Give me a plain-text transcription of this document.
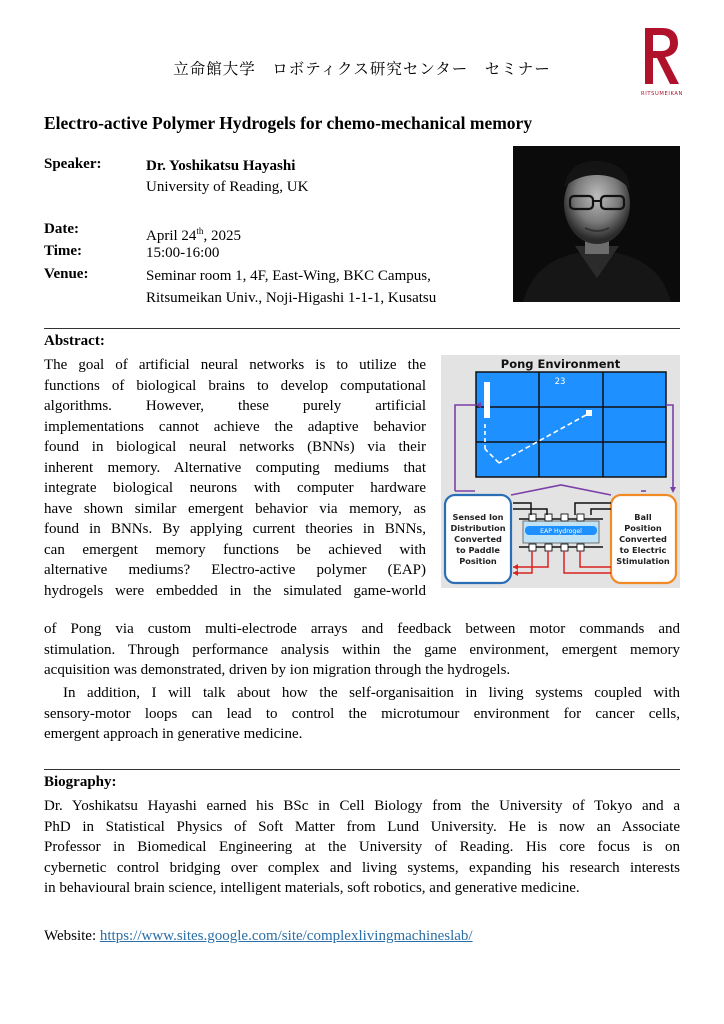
立命館大学　ロボティクス研究センター　セミナー
RITSUMEIKAN
Electro-active Polymer Hydrogels for chemo-mechanical memory
Speaker:	Dr. Yoshikatsu Hayashi
University of Reading, UK
Date:	April 24th, 2025
Time:	15:00-16:00
Venue:	Seminar room 1, 4F, East-Wing, BKC Campus,
Ritsumeikan Univ., Noji-Higashi 1-1-1, Kusatsu
Abstract:
The goal of artificial neural networks is to utilize the
functions of biological brains to develop computational
algorithms. However, these purely artificial
implementations cannot achieve the adaptive behavior
found in biological neural networks (BNNs) via their
inherent memory. Alternative computing mediums that
integrate biological neurons with computer hardware
have shown similar emergent behavior via memory, as
found in BNNs. By applying current theories in BNNs,
can emergent memory functions be achieved with
alternative mediums? Electro-active polymer (EAP)
hydrogels were embedded in the simulated game-world
of Pong via custom multi-electrode arrays and feedback between motor commands and
stimulation. Through performance analysis within the game environment, emergent memory
acquisition was demonstrated, driven by ion migration through the hydrogels.
In addition, I will talk about how the self-organisaition in living systems coupled with
sensory-motor loops can lead to control the microtumour environment for cancer cells,
emergent approach in generative medicine.
Pong Environment
23
Sensed Ion
Distribution
Converted
to Paddle
Position
Ball
Position
Converted
to Electric
Stimulation
EAP Hydrogel
Biography:
Dr. Yoshikatsu Hayashi earned his BSc in Cell Biology from the University of Tokyo and a
PhD in Statistical Physics of Soft Matter from Lund University. He is now an Associate
Professor in Biomedical Engineering at the University of Reading. His core focus is on
cybernetic control bridging over complex and living systems, expanding his research interests
in behavioural brain science, intelligent materials, soft robotics, and generative medicine.
Website: https://www.sites.google.com/site/complexlivingmachineslab/
